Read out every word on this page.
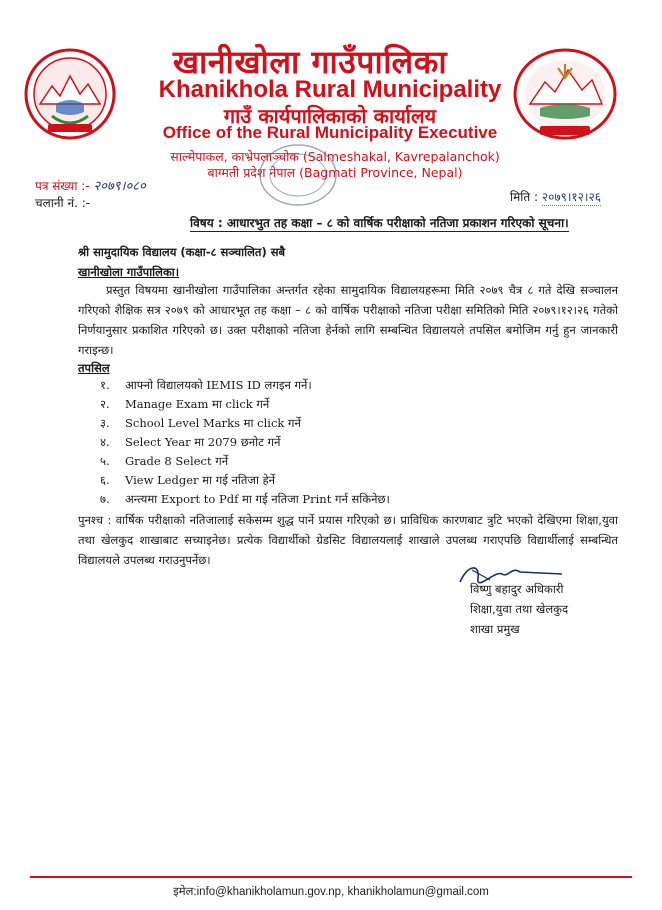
खानीखोला गाउँपालिका
Khanikhola Rural Municipality
गाउँ कार्यपालिकाको कार्यालय
Office of the Rural Municipality Executive
साल्मेपाकल, काभ्रेपलाञ्चोक (Salmeshakal, Kavrepalanchok)
बाग्मती प्रदेश नेपाल (Bagmati Province, Nepal)
पत्र संख्या :- २०७९।०८०
चलानी नं. :-	मिति : २०७९।१२।२६
विषय : आधारभुत तह कक्षा – ८ को वार्षिक परीक्षाको नतिजा प्रकाशन गरिएको सूचना।
श्री सामुदायिक विद्यालय (कक्षा-८ सञ्चालित) सबै
खानीखोला गाउँपालिका।
प्रस्तुत विषयमा खानीखोला गाउँपालिका अन्तर्गत रहेका सामुदायिक विद्यालयहरूमा मिति २०७९ चैत्र ८ गते देखि सञ्चालन गरिएको शैक्षिक सत्र २०७९ को आधारभूत तह कक्षा – ८ को वार्षिक परीक्षाको नतिजा परीक्षा समितिको मिति २०७९।१२।२६ गतेको निर्णयानुसार प्रकाशित गरिएको छ। उक्त परीक्षाको नतिजा हेर्नको लागि सम्बन्धित विद्यालयले तपसिल बमोजिम गर्नु हुन जानकारी गराइन्छ।
तपसिल
१. आफ्नो विद्यालयको IEMIS ID लगइन गर्ने।
२. Manage Exam मा click गर्ने
३. School Level Marks मा click गर्ने
४. Select Year मा 2079 छनोट गर्ने
५. Grade 8 Select गर्ने
६. View Ledger मा गई नतिजा हेर्ने
७. अन्त्यमा Export to Pdf मा गई नतिजा Print गर्न सकिनेछ।
पुनश्च : वार्षिक परीक्षाको नतिजालाई सकेसम्म शुद्ध पार्ने प्रयास गरिएको छ। प्राविधिक कारणबाट त्रुटि भएको देखिएमा शिक्षा,युवा तथा खेलकुद शाखाबाट सच्याइनेछ। प्रत्येक विद्यार्थीको ग्रेडसिट विद्यालयलाई शाखाले उपलब्ध गराएपछि विद्यार्थीलाई सम्बन्धित विद्यालयले उपलब्ध गराउनुपर्नेछ।
विष्णु बहादुर अधिकारी
शिक्षा,युवा तथा खेलकुद
शाखा प्रमुख
इमेल:info@khanikholamun.gov.np, khanikholamun@gmail.com
